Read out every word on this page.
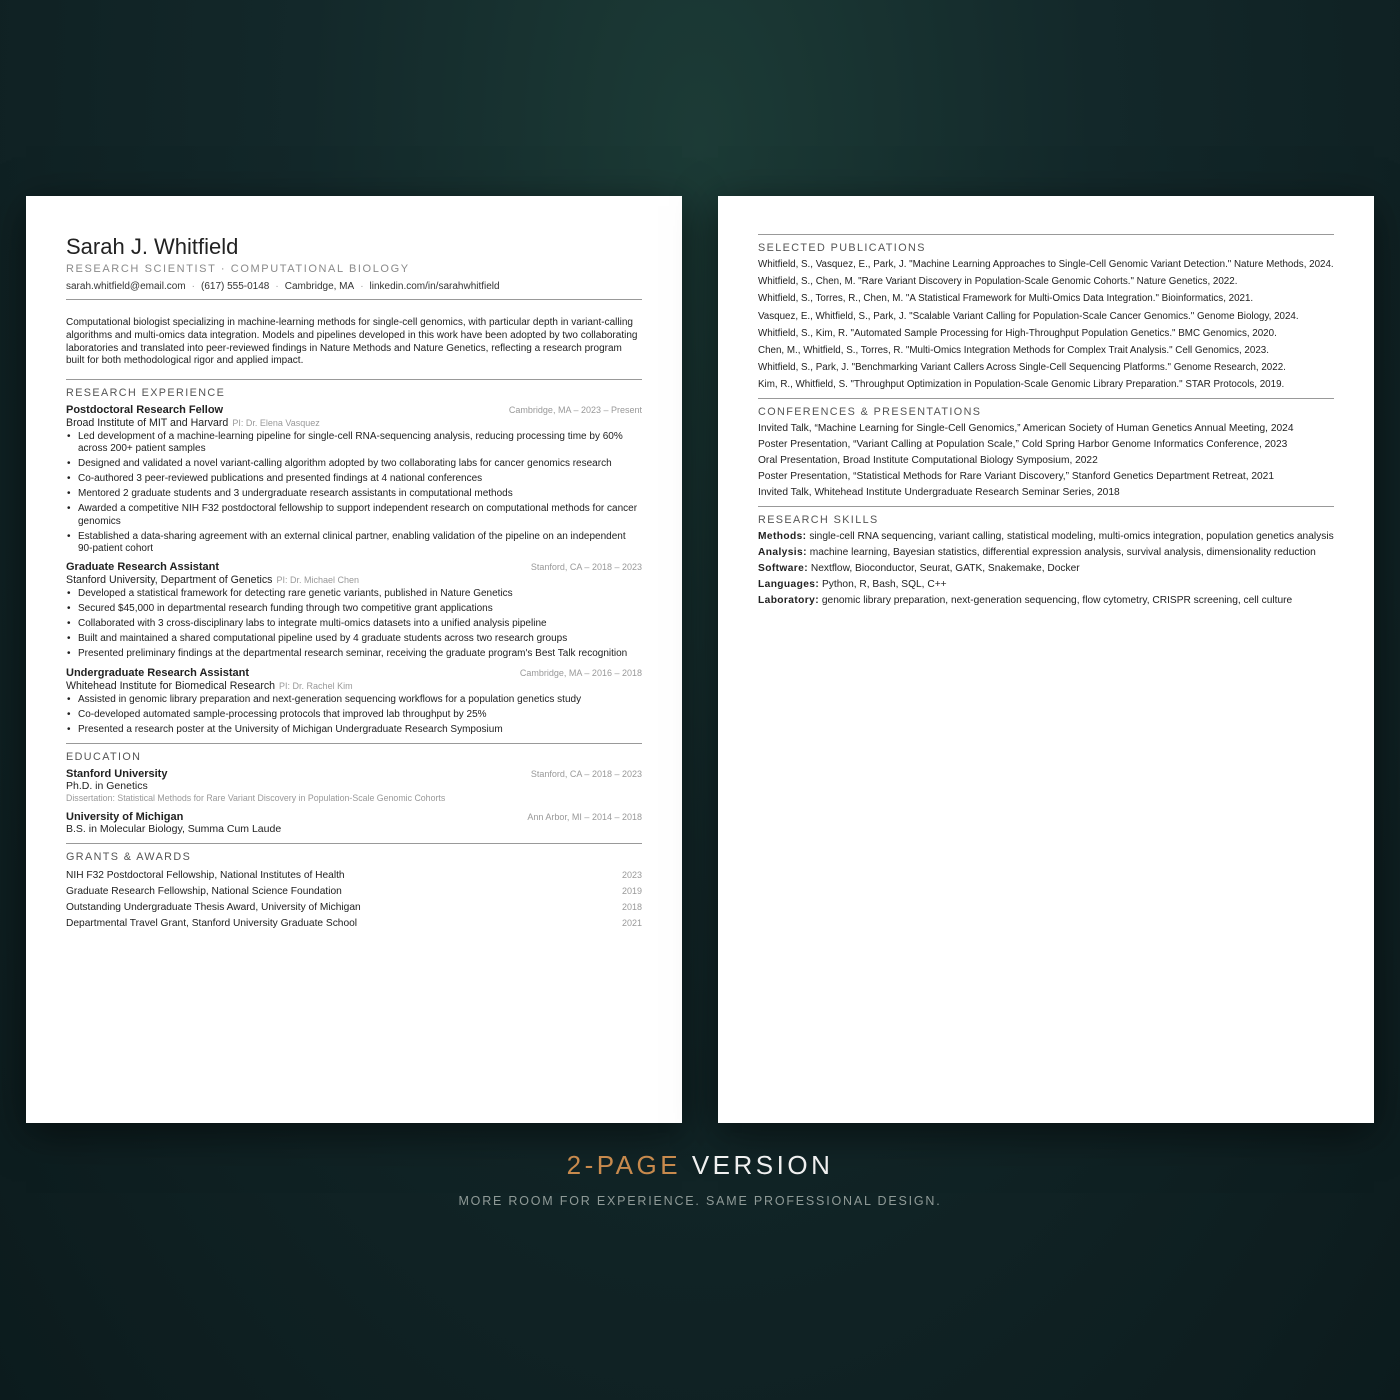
Sarah J. Whitfield
RESEARCH SCIENTIST · COMPUTATIONAL BIOLOGY
sarah.whitfield@email.com · (617) 555-0148 · Cambridge, MA · linkedin.com/in/sarahwhitfield
Computational biologist specializing in machine-learning methods for single-cell genomics, with particular depth in variant-calling algorithms and multi-omics data integration. Models and pipelines developed in this work have been adopted by two collaborating laboratories and translated into peer-reviewed findings in Nature Methods and Nature Genetics, reflecting a research program built for both methodological rigor and applied impact.
RESEARCH EXPERIENCE
Postdoctoral Research Fellow	Cambridge, MA – 2023 – Present
Broad Institute of MIT and Harvard PI: Dr. Elena Vasquez
• Led development of a machine-learning pipeline for single-cell RNA-sequencing analysis, reducing processing time by 60% across 200+ patient samples
• Designed and validated a novel variant-calling algorithm adopted by two collaborating labs for cancer genomics research
• Co-authored 3 peer-reviewed publications and presented findings at 4 national conferences
• Mentored 2 graduate students and 3 undergraduate research assistants in computational methods
• Awarded a competitive NIH F32 postdoctoral fellowship to support independent research on computational methods for cancer genomics
• Established a data-sharing agreement with an external clinical partner, enabling validation of the pipeline on an independent 90-patient cohort
Graduate Research Assistant	Stanford, CA – 2018 – 2023
Stanford University, Department of Genetics PI: Dr. Michael Chen
• Developed a statistical framework for detecting rare genetic variants, published in Nature Genetics
• Secured $45,000 in departmental research funding through two competitive grant applications
• Collaborated with 3 cross-disciplinary labs to integrate multi-omics datasets into a unified analysis pipeline
• Built and maintained a shared computational pipeline used by 4 graduate students across two research groups
• Presented preliminary findings at the departmental research seminar, receiving the graduate program's Best Talk recognition
Undergraduate Research Assistant	Cambridge, MA – 2016 – 2018
Whitehead Institute for Biomedical Research PI: Dr. Rachel Kim
• Assisted in genomic library preparation and next-generation sequencing workflows for a population genetics study
• Co-developed automated sample-processing protocols that improved lab throughput by 25%
• Presented a research poster at the University of Michigan Undergraduate Research Symposium
EDUCATION
Stanford University	Stanford, CA – 2018 – 2023
Ph.D. in Genetics
Dissertation: Statistical Methods for Rare Variant Discovery in Population-Scale Genomic Cohorts
University of Michigan	Ann Arbor, MI – 2014 – 2018
B.S. in Molecular Biology, Summa Cum Laude
GRANTS & AWARDS
NIH F32 Postdoctoral Fellowship, National Institutes of Health	2023
Graduate Research Fellowship, National Science Foundation	2019
Outstanding Undergraduate Thesis Award, University of Michigan	2018
Departmental Travel Grant, Stanford University Graduate School	2021
SELECTED PUBLICATIONS
Whitfield, S., Vasquez, E., Park, J. "Machine Learning Approaches to Single-Cell Genomic Variant Detection." Nature Methods, 2024.
Whitfield, S., Chen, M. "Rare Variant Discovery in Population-Scale Genomic Cohorts." Nature Genetics, 2022.
Whitfield, S., Torres, R., Chen, M. "A Statistical Framework for Multi-Omics Data Integration." Bioinformatics, 2021.
Vasquez, E., Whitfield, S., Park, J. "Scalable Variant Calling for Population-Scale Cancer Genomics." Genome Biology, 2024.
Whitfield, S., Kim, R. "Automated Sample Processing for High-Throughput Population Genetics." BMC Genomics, 2020.
Chen, M., Whitfield, S., Torres, R. "Multi-Omics Integration Methods for Complex Trait Analysis." Cell Genomics, 2023.
Whitfield, S., Park, J. "Benchmarking Variant Callers Across Single-Cell Sequencing Platforms." Genome Research, 2022.
Kim, R., Whitfield, S. "Throughput Optimization in Population-Scale Genomic Library Preparation." STAR Protocols, 2019.
CONFERENCES & PRESENTATIONS
Invited Talk, “Machine Learning for Single-Cell Genomics,” American Society of Human Genetics Annual Meeting, 2024
Poster Presentation, “Variant Calling at Population Scale,” Cold Spring Harbor Genome Informatics Conference, 2023
Oral Presentation, Broad Institute Computational Biology Symposium, 2022
Poster Presentation, “Statistical Methods for Rare Variant Discovery,” Stanford Genetics Department Retreat, 2021
Invited Talk, Whitehead Institute Undergraduate Research Seminar Series, 2018
RESEARCH SKILLS
Methods: single-cell RNA sequencing, variant calling, statistical modeling, multi-omics integration, population genetics analysis
Analysis: machine learning, Bayesian statistics, differential expression analysis, survival analysis, dimensionality reduction
Software: Nextflow, Bioconductor, Seurat, GATK, Snakemake, Docker
Languages: Python, R, Bash, SQL, C++
Laboratory: genomic library preparation, next-generation sequencing, flow cytometry, CRISPR screening, cell culture
2-PAGE VERSION
MORE ROOM FOR EXPERIENCE. SAME PROFESSIONAL DESIGN.
